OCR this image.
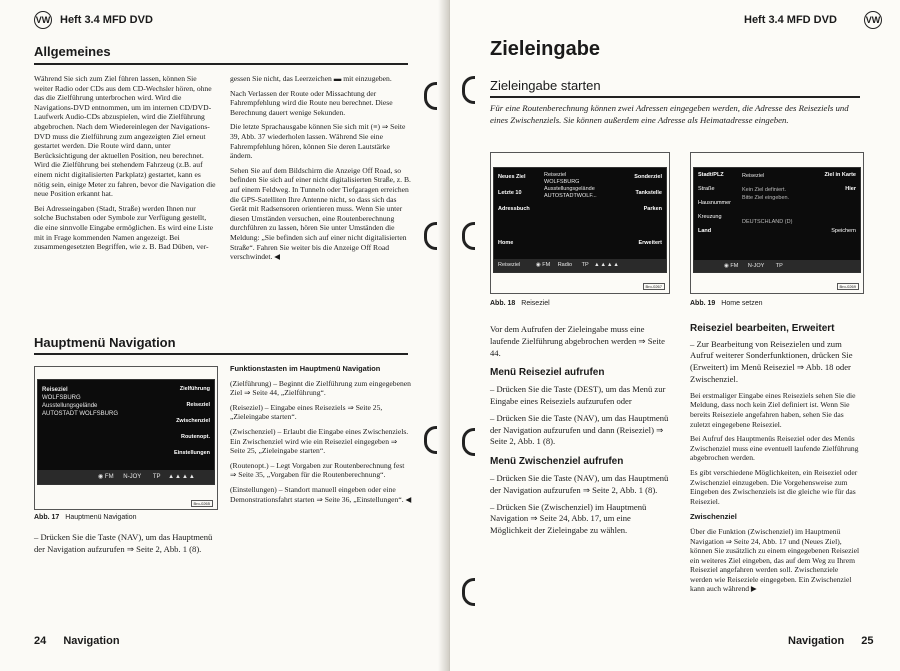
VW Heft 3.4 MFD DVD
Allgemeines

Während Sie sich zum Ziel führen lassen, können Sie weiter Radio oder CDs aus dem CD-Wechsler hören, ohne das die Zielführung unterbrochen wird. Wird die Navigations-DVD entnommen, um im internen CD/DVD-Laufwerk Audio-CDs abzuspielen, wird die Zielführung abgebrochen. Nach dem Wiedereinlegen der Navigations-DVD muss die Zielführung zum angezeigten Ziel erneut gestartet werden. Die Route wird dann, unter Berücksichtigung der aktuellen Position, neu berechnet. Wird die Zielführung bei stehendem Fahrzeug (z.B. auf einem nicht digitalisierten Parkplatz) gestartet, kann es nötig sein, einige Meter zu fahren, bevor die Navigation die neue Position erkannt hat.

Bei Adresseingaben (Stadt, Straße) werden Ihnen nur solche Buchstaben oder Symbole zur Verfügung gestellt, die eine sinnvolle Eingabe ermöglichen. Es wird eine Liste mit in Frage kommenden Namen angezeigt. Bei zusammengesetzten Begriffen, wie z. B. Bad Düben, ver-

gessen Sie nicht, das Leerzeichen ▬ mit einzugeben.

Nach Verlassen der Route oder Missachtung der Fahrempfehlung wird die Route neu berechnet. Diese Berechnung dauert wenige Sekunden.

Die letzte Sprachausgabe können Sie sich mit (≡) ⇒ Seite 39, Abb. 37 wiederholen lassen. Während Sie eine Fahrempfehlung hören, können Sie deren Lautstärke ändern.

Sehen Sie auf dem Bildschirm die Anzeige Off Road, so befinden Sie sich auf einer nicht digitalisierten Straße, z. B. auf einem Feldweg. In Tunneln oder Tiefgaragen erreichen die GPS-Satelliten Ihre Antenne nicht, so dass sich das Gerät mit Radsensoren orientieren muss. Wenn Sie unter diesen Umständen versuchen, eine Routenberechnung durchführen zu lassen, hören Sie unter Umständen die Meldung: „Sie befinden sich auf einer nicht digitalisierten Straße“. Fahren Sie weiter bis die Anzeige Off Road verschwindet. ◀

Hauptmenü Navigation
Reiseziel
WOLFSBURG
Ausstellungsgelände
AUTOSTADT WOLFSBURG
Zielführung
Reiseziel
Zwischenziel
Routenopt.
Einstellungen
◉ FM N-JOY TP ▲▲▲▲
Bro-0265
Abb. 17 Hauptmenü Navigation
– Drücken Sie die Taste (NAV), um das Hauptmenü der Navigation aufzurufen ⇒ Seite 2, Abb. 1 (8).

Funktionstasten im Hauptmenü Navigation

(Zielführung) – Beginnt die Zielführung zum eingegebenen Ziel ⇒ Seite 44, „Zielführung“.

(Reiseziel) – Eingabe eines Reiseziels ⇒ Seite 25, „Zieleingabe starten“.

(Zwischenziel) – Erlaubt die Eingabe eines Zwischenziels. Ein Zwischenziel wird wie ein Reiseziel eingegeben ⇒ Seite 25, „Zieleingabe starten“.

(Routenopt.) – Legt Vorgaben zur Routenberechnung fest ⇒ Seite 35, „Vorgaben für die Routenberechnung“.

(Einstellungen) – Standort manuell eingeben oder eine Demonstrationsfahrt starten ⇒ Seite 36, „Einstellungen“. ◀

24 Navigation
Heft 3.4 MFD DVD	VW
Zieleingabe
Zieleingabe starten
Für eine Routenberechnung können zwei Adressen eingegeben werden, die Adresse des Reiseziels und eines Zwischenziels. Sie können außerdem eine Adresse als Heimatadresse eingeben.
Neues Ziel
Letzte 10
Adressbuch
Home
Reiseziel
WOLFSBURG
Ausstellungsgelände
AUTOSTADTWOLF...
Sonderziel
Tankstelle
Parken
Erweitert
Reiseziel	◉ FM Radio TP ▲▲▲▲
Bro-0267
Abb. 18 Reiseziel
Stadt/PLZ
Straße
Hausnummer
Kreuzung
Land
Reiseziel
Kein Ziel definiert.
Bitte Ziel eingeben.
DEUTSCHLAND (D)
Ziel in Karte
Hier
Speichern
◉ FM N-JOY TP
Bro-0269
Abb. 19 Home setzen

Vor dem Aufrufen der Zieleingabe muss eine laufende Zielführung abgebrochen werden ⇒ Seite 44.

Menü Reiseziel aufrufen

– Drücken Sie die Taste (DEST), um das Menü zur Eingabe eines Reiseziels aufzurufen oder

– Drücken Sie die Taste (NAV), um das Hauptmenü der Navigation aufzurufen und dann (Reiseziel) ⇒ Seite 2, Abb. 1 (8).

Menü Zwischenziel aufrufen

– Drücken Sie die Taste (NAV), um das Hauptmenü der Navigation aufzurufen ⇒ Seite 2, Abb. 1 (8).

– Drücken Sie (Zwischenziel) im Hauptmenü Navigation ⇒ Seite 24, Abb. 17, um eine Möglichkeit der Zieleingabe zu wählen.

Reiseziel bearbeiten, Erweitert

– Zur Bearbeitung von Reisezielen und zum Aufruf weiterer Sonderfunktionen, drücken Sie (Erweitert) im Menü Reiseziel ⇒ Abb. 18 oder Zwischenziel.

Bei erstmaliger Eingabe eines Reiseziels sehen Sie die Meldung, dass noch kein Ziel definiert ist. Wenn Sie bereits Reiseziele angefahren haben, sehen Sie das zuletzt eingegebene Reiseziel.

Bei Aufruf des Hauptmenüs Reiseziel oder des Menüs Zwischenziel muss eine eventuell laufende Zielführung abgebrochen werden.

Es gibt verschiedene Möglichkeiten, ein Reiseziel oder Zwischenziel einzugeben. Die Vorgehensweise zum Eingeben des Zwischenziels ist die gleiche wie für das Reiseziel.

Zwischenziel

Über die Funktion (Zwischenziel) im Hauptmenü Navigation ⇒ Seite 24, Abb. 17 und (Neues Ziel), können Sie zusätzlich zu einem eingegebenen Reiseziel ein weiteres Ziel eingeben, das auf dem Weg zu Ihrem Reiseziel angefahren werden soll. Zwischenziele werden wie Reiseziele eingegeben. Ein Zwischenziel kann auch während ▶

Navigation 25
